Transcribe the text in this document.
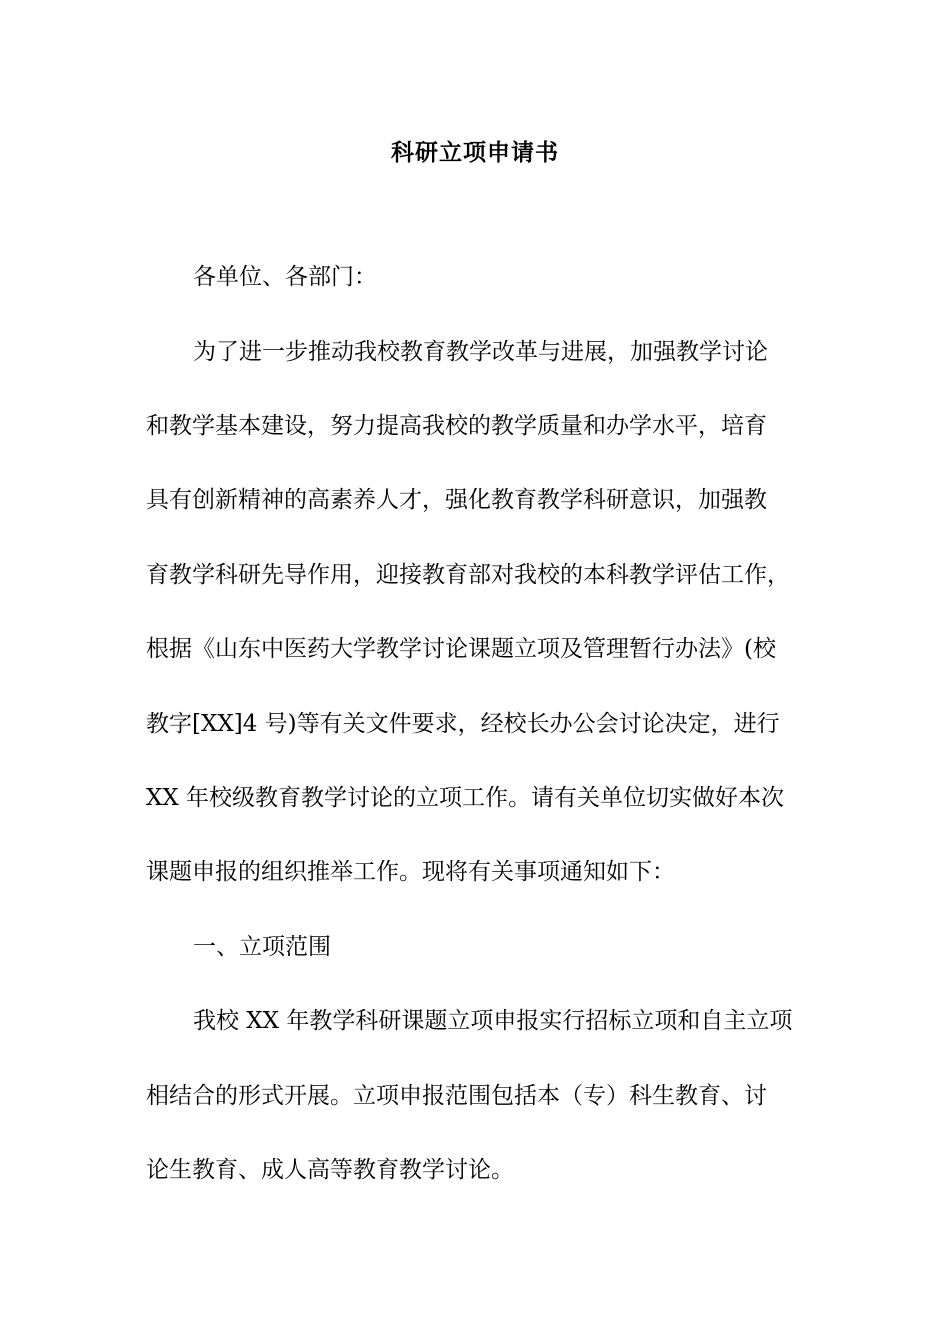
科研立项申请书
各单位、各部门：
为了进一步推动我校教育教学改革与进展，加强教学讨论
和教学基本建设，努力提高我校的教学质量和办学水平，培育
具有创新精神的高素养人才，强化教育教学科研意识，加强教
育教学科研先导作用，迎接教育部对我校的本科教学评估工作，
根据《山东中医药大学教学讨论课题立项及管理暂行办法》(校
教字[XX]4 号)等有关文件要求，经校长办公会讨论决定，进行
XX 年校级教育教学讨论的立项工作。请有关单位切实做好本次
课题申报的组织推举工作。现将有关事项通知如下：
一、立项范围
我校 XX 年教学科研课题立项申报实行招标立项和自主立项
相结合的形式开展。立项申报范围包括本（专）科生教育、讨
论生教育、成人高等教育教学讨论。
